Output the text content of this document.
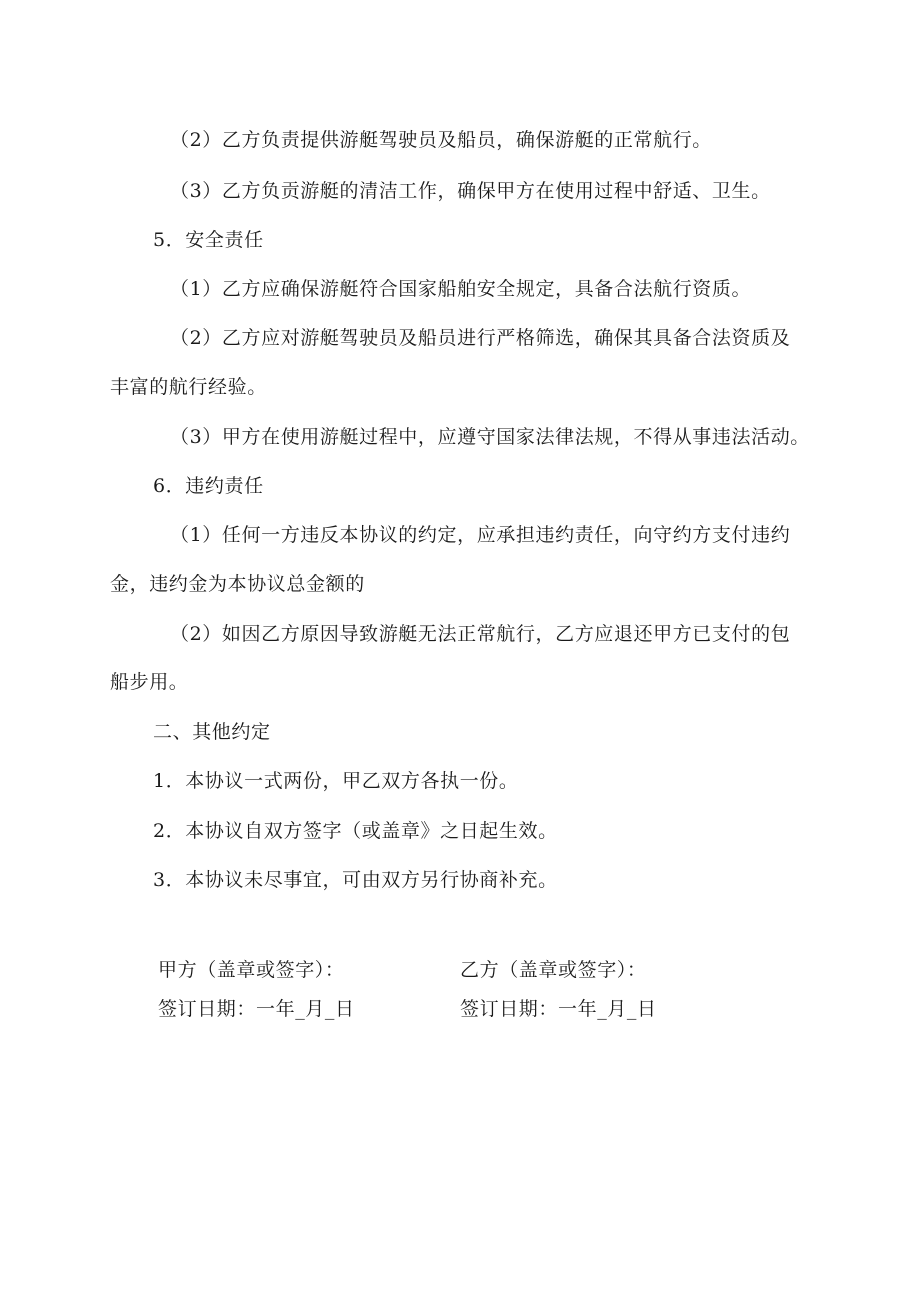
（2）乙方负责提供游艇驾驶员及船员，确保游艇的正常航行。
（3）乙方负贡游艇的清洁工作，确保甲方在使用过程中舒适、卫生。
5．安全责任
（1）乙方应确保游艇符合国家船舶安全规定，具备合法航行资质。
（2）乙方应对游艇驾驶员及船员进行严格筛选，确保其具备合法资质及
丰富的航行经验。
（3）甲方在使用游艇过程中，应遵守国家法律法规，不得从事违法活动。
6．违约责任
（1）任何一方违反本协议的约定，应承担违约责任，向守约方支付违约
金，违约金为本协议总金额的
（2）如因乙方原因导致游艇无法正常航行，乙方应退还甲方已支付的包
船步用。
二、其他约定
1．本协议一式两份，甲乙双方各执一份。
2．本协议自双方签字（或盖章》之日起生效。
3．本协议未尽事宜，可由双方另行协商补充。
甲方（盖章或签字）：
签订日期：一年_月_日
乙方（盖章或签字）：
签订日期：一年_月_日
